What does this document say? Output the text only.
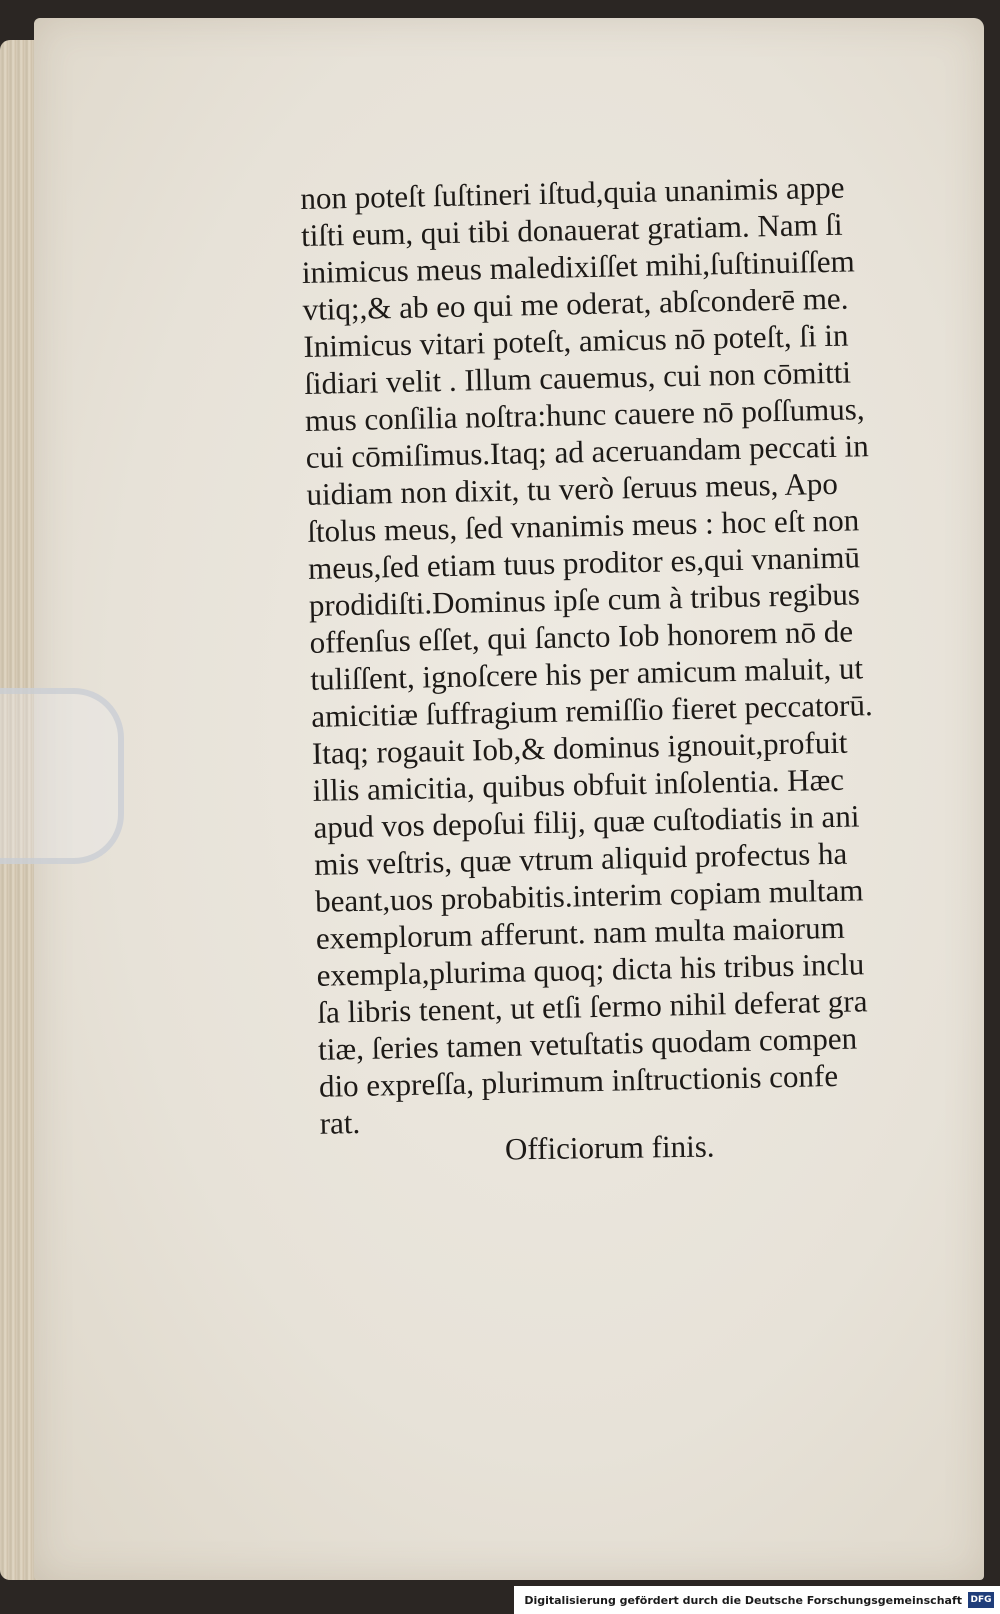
non poteſt ſuſtineri iſtud,quia unanimis appe
tiſti eum, qui tibi donauerat gratiam. Nam ſi
inimicus meus maledixiſſet mihi,ſuſtinuiſſem
vtiq;,& ab eo qui me oderat, abſconderē me.
Inimicus vitari poteſt, amicus nō poteſt, ſi in
ſidiari velit . Illum cauemus, cui non cōmitti
mus conſilia noſtra:hunc cauere nō poſſumus,
cui cōmiſimus.Itaq; ad aceruandam peccati in
uidiam non dixit, tu verò ſeruus meus, Apo
ſtolus meus, ſed vnanimis meus : hoc eſt non
meus,ſed etiam tuus proditor es,qui vnanimū
prodidiſti.Dominus ipſe cum à tribus regibus
offenſus eſſet, qui ſancto Iob honorem nō de
tuliſſent, ignoſcere his per amicum maluit, ut
amicitiæ ſuffragium remiſſio fieret peccatorū.
Itaq; rogauit Iob,& dominus ignouit,profuit
illis amicitia, quibus obfuit inſolentia. Hæc
apud vos depoſui filij, quæ cuſtodiatis in ani
mis veſtris, quæ vtrum aliquid profectus ha
beant,uos probabitis.interim copiam multam
exemplorum afferunt. nam multa maiorum
exempla,plurima quoq; dicta his tribus inclu
ſa libris tenent, ut etſi ſermo nihil deferat gra
tiæ, ſeries tamen vetuſtatis quodam compen
dio expreſſa, plurimum inſtructionis confe
rat.
Officiorum finis.
Digitalisierung gefördert durch die Deutsche Forschungsgemeinschaft DFG
